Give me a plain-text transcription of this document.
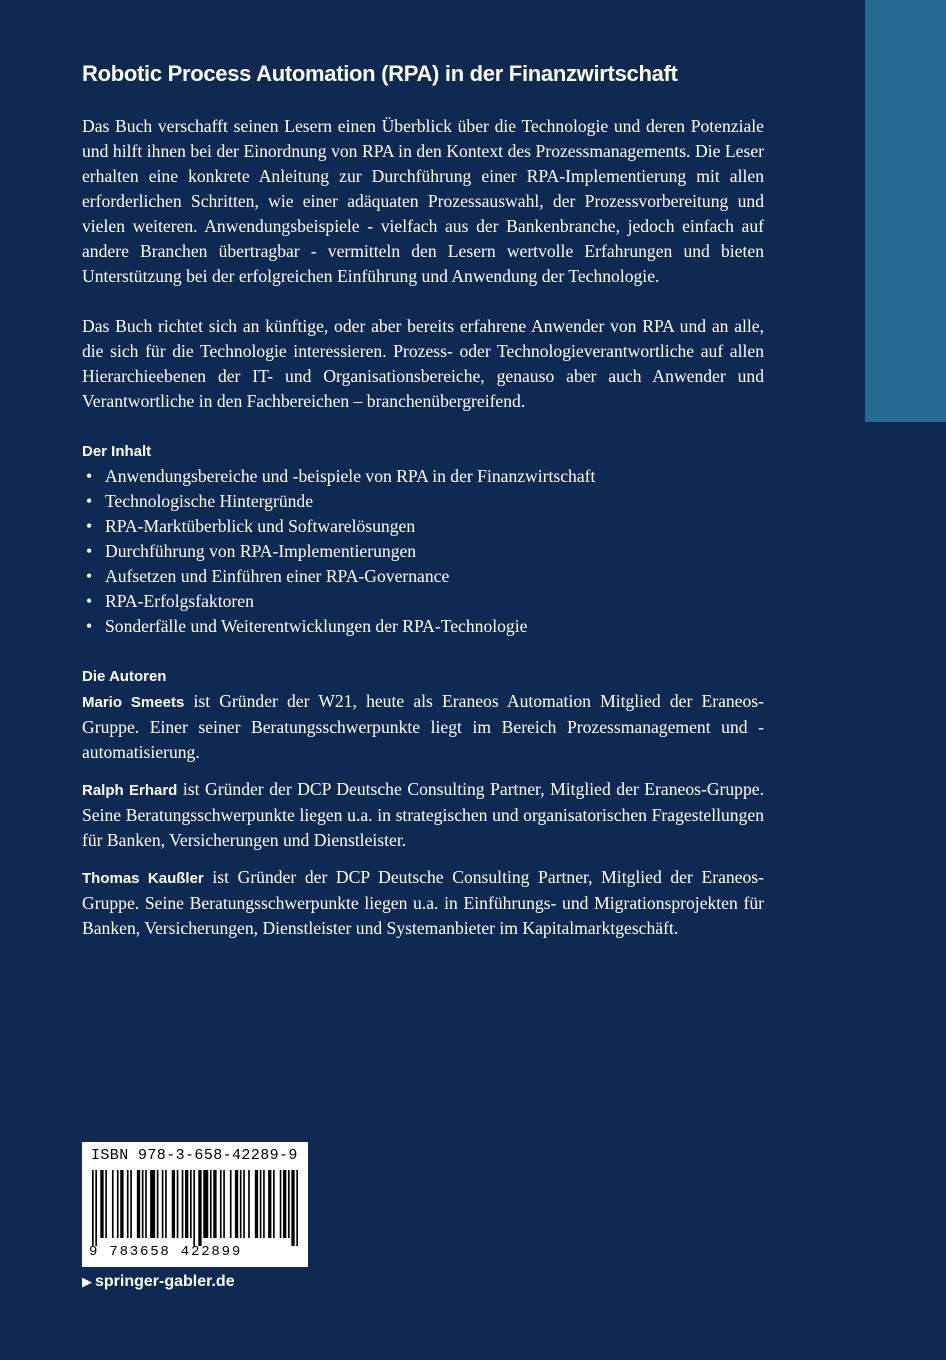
Robotic Process Automation (RPA) in der Finanzwirtschaft

Das Buch verschafft seinen Lesern einen Überblick über die Technologie und deren Potenziale und hilft ihnen bei der Einordnung von RPA in den Kontext des Prozessmanagements. Die Leser erhalten eine konkrete Anleitung zur Durchführung einer RPA-Implementierung mit allen erforderlichen Schritten, wie einer adäquaten Prozessauswahl, der Prozessvorbereitung und vielen weiteren. Anwendungsbeispiele - vielfach aus der Bankenbranche, jedoch einfach auf andere Branchen übertragbar - vermitteln den Lesern wertvolle Erfahrungen und bieten Unterstützung bei der erfolgreichen Einführung und Anwendung der Technologie.

Das Buch richtet sich an künftige, oder aber bereits erfahrene Anwender von RPA und an alle, die sich für die Technologie interessieren. Prozess- oder Technologieverantwortliche auf allen Hierarchieebenen der IT- und Organisationsbereiche, genauso aber auch Anwender und Verantwortliche in den Fachbereichen – branchenübergreifend.

Der Inhalt
• Anwendungsbereiche und -beispiele von RPA in der Finanzwirtschaft
• Technologische Hintergründe
• RPA-Marktüberblick und Softwarelösungen
• Durchführung von RPA-Implementierungen
• Aufsetzen und Einführen einer RPA-Governance
• RPA-Erfolgsfaktoren
• Sonderfälle und Weiterentwicklungen der RPA-Technologie
Die Autoren

Mario Smeets ist Gründer der W21, heute als Eraneos Automation Mitglied der Eraneos-Gruppe. Einer seiner Beratungsschwerpunkte liegt im Bereich Prozessmanagement und -automatisierung.

Ralph Erhard ist Gründer der DCP Deutsche Consulting Partner, Mitglied der Eraneos-Gruppe. Seine Beratungsschwerpunkte liegen u.a. in strategischen und organisatorischen Fragestellungen für Banken, Versicherungen und Dienstleister.

Thomas Kaußler ist Gründer der DCP Deutsche Consulting Partner, Mitglied der Eraneos-Gruppe. Seine Beratungsschwerpunkte liegen u.a. in Einführungs- und Migrationsprojekten für Banken, Versicherungen, Dienstleister und Systemanbieter im Kapitalmarktgeschäft.

ISBN 978-3-658-42289-9
9 783658 422899
▶ springer-gabler.de
